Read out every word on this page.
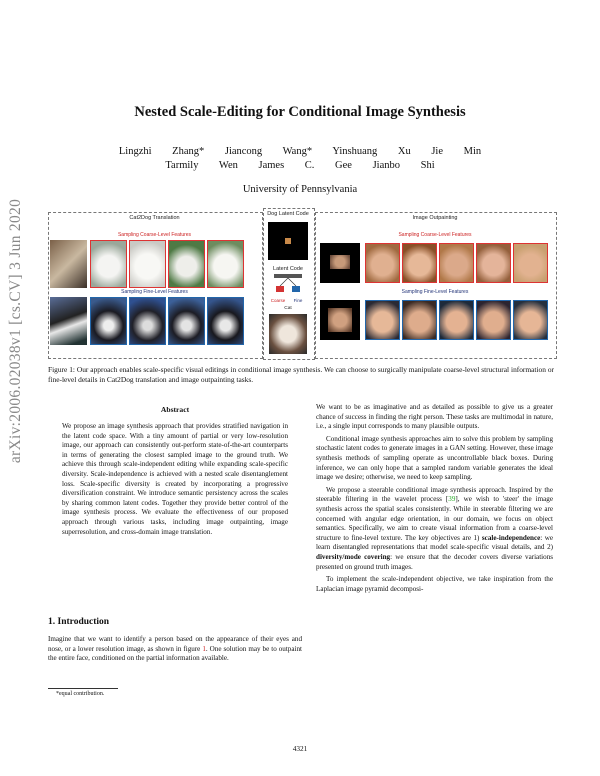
arXiv:2006.02038v1 [cs.CV] 3 Jun 2020
Nested Scale-Editing for Conditional Image Synthesis
Lingzhi Zhang* Jiancong Wang* Yinshuang Xu Jie Min
Tarmily Wen James C. Gee Jianbo Shi
University of Pennsylvania
Cat2Dog Translation
Sampling Coarse-Level Features
Sampling Fine-Level Features
Dog Latent Code
Latent Code
Coarse	Fine
Cat
Image Outpainting
Sampling Coarse-Level Features
Sampling Fine-Level Features
Figure 1: Our approach enables scale-specific visual editings in conditional image synthesis. We can choose to surgically manipulate coarse-level structural information or fine-level details in Cat2Dog translation and image outpainting tasks.
Abstract
We propose an image synthesis approach that provides stratified navigation in the latent code space. With a tiny amount of partial or very low-resolution image, our approach can consistently out-perform state-of-the-art counterparts in terms of generating the closest sampled image to the ground truth. We achieve this through scale-independent editing while expanding scale-specific diversity. Scale-independence is achieved with a nested scale disentanglement loss. Scale-specific diversity is created by incorporating a progressive diversification constraint. We introduce semantic persistency across the scales by sharing common latent codes. Together they provide better control of the image synthesis process. We evaluate the effectiveness of our proposed approach through various tasks, including image outpainting, image superresolution, and cross-domain image translation.
1. Introduction
Imagine that we want to identify a person based on the appearance of their eyes and nose, or a lower resolution image, as shown in figure 1. One solution may be to outpaint the entire face, conditioned on the partial information available.
*equal contribution.

We want to be as imaginative and as detailed as possible to give us a greater chance of success in finding the right person. These tasks are multimodal in nature, i.e., a single input corresponds to many plausible outputs.

Conditional image synthesis approaches aim to solve this problem by sampling stochastic latent codes to generate images in a GAN setting. However, these image synthesis methods of sampling operate as uncontrollable black boxes. During inference, we can only hope that a sampled random variable generates the ideal image we desire; otherwise, we need to keep sampling.

We propose a steerable conditional image synthesis approach. Inspired by the steerable filtering in the wavelet process [39], we wish to 'steer' the image synthesis across the spatial scales consistently. While in steerable filtering we are concerned with angular edge orientation, in our domain, we focus on object semantics. Specifically, we aim to create visual information from a coarse-level structure to fine-level texture. The key objectives are 1) scale-independence: we learn disentangled representations that model scale-specific visual details, and 2) diversity/mode covering: we ensure that the decoder covers diverse variations presented on ground truth images.

To implement the scale-independent objective, we take inspiration from the Laplacian image pyramid decomposi-

4321
